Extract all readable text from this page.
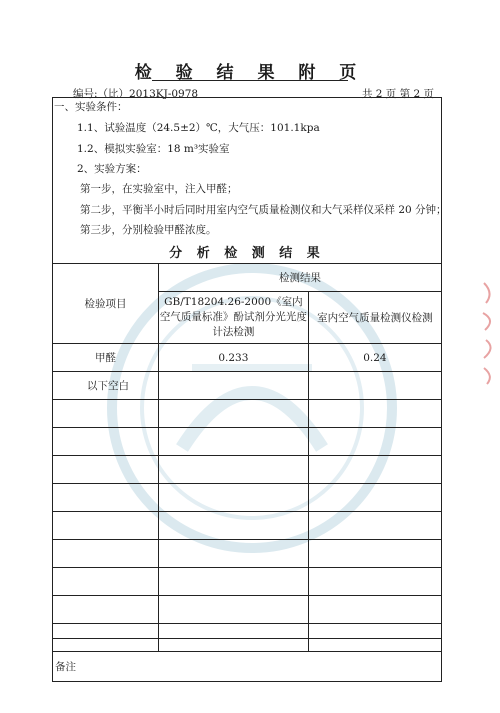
检 验 结 果 附 页
编号:（比）2013KJ-0978	共 2 页 第 2 页
一、实验条件：
1.1、试验温度（24.5±2）℃，大气压：101.1kpa
1.2、模拟实验室：18 m³实验室
2、实验方案：
第一步，在实验室中，注入甲醛；
第二步，平衡半小时后同时用室内空气质量检测仪和大气采样仪采样 20 分钟；
第三步，分别检验甲醛浓度。
分 析 检 测 结 果
检验项目	检测结果	
	GB/T18204.26-2000《室内空气质量标准》酚试剂分光光度计法检测	室内空气质量检测仪检测
甲醛	0.233	0.24
以下空白		

备注		
